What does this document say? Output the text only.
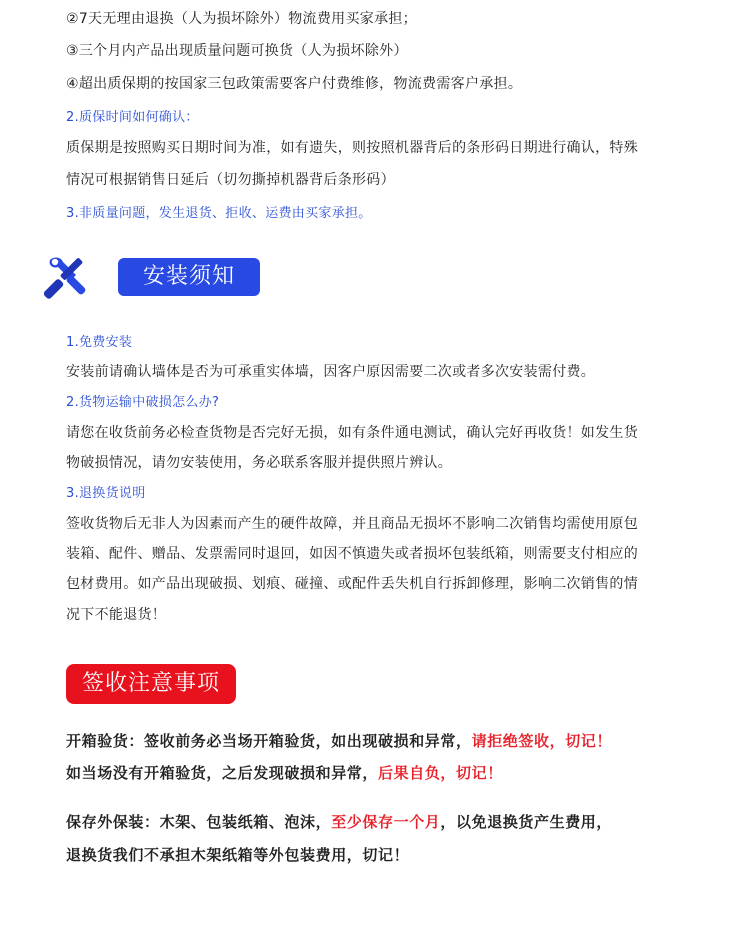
②7天无理由退换（人为损坏除外）物流费用买家承担；
③三个月内产品出现质量问题可换货（人为损坏除外）
④超出质保期的按国家三包政策需要客户付费维修，物流费需客户承担。
2.质保时间如何确认：
质保期是按照购买日期时间为准，如有遗失，则按照机器背后的条形码日期进行确认，特殊
情况可根据销售日延后（切勿撕掉机器背后条形码）
3.非质量问题，发生退货、拒收、运费由买家承担。
安装须知
1.免费安装
安装前请确认墙体是否为可承重实体墙，因客户原因需要二次或者多次安装需付费。
2.货物运输中破损怎么办?
请您在收货前务必检查货物是否完好无损，如有条件通电测试，确认完好再收货！如发生货
物破损情况，请勿安装使用，务必联系客服并提供照片辨认。
3.退换货说明
签收货物后无非人为因素而产生的硬件故障，并且商品无损坏不影响二次销售均需使用原包
装箱、配件、赠品、发票需同时退回，如因不慎遗失或者损坏包装纸箱，则需要支付相应的
包材费用。如产品出现破损、划痕、碰撞、或配件丢失机自行拆卸修理，影响二次销售的情
况下不能退货！
签收注意事项
开箱验货：签收前务必当场开箱验货，如出现破损和异常，请拒绝签收，切记！
如当场没有开箱验货，之后发现破损和异常，后果自负，切记！
保存外保装：木架、包装纸箱、泡沫，至少保存一个月，以免退换货产生费用，
退换货我们不承担木架纸箱等外包装费用，切记！
